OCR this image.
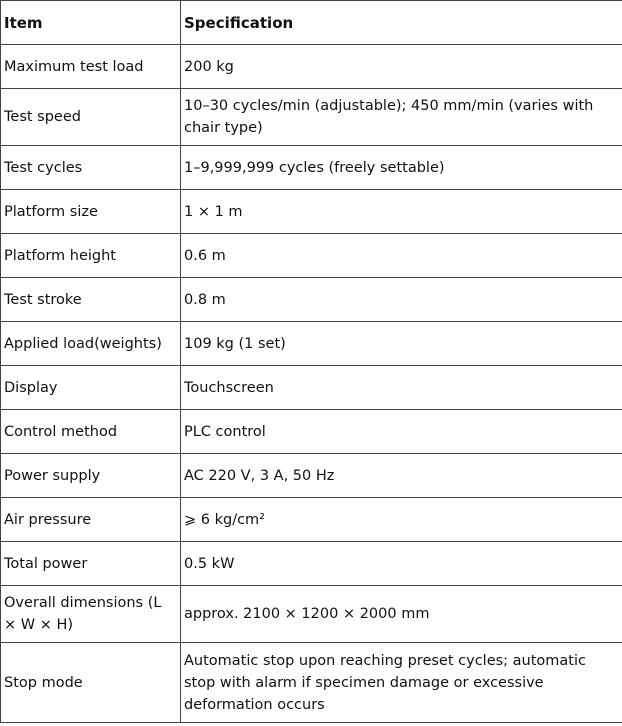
Item	Specification
Maximum test load	200 kg
Test speed	10–30 cycles/min (adjustable); 450 mm/min (varies with chair type)
Test cycles	1–9,999,999 cycles (freely settable)
Platform size	1 × 1 m
Platform height	0.6 m
Test stroke	0.8 m
Applied load(weights)	109 kg (1 set)
Display	Touchscreen
Control method	PLC control
Power supply	AC 220 V, 3 A, 50 Hz
Air pressure	⩾ 6 kg/cm²
Total power	0.5 kW
Overall dimensions (L × W × H)	approx. 2100 × 1200 × 2000 mm
Stop mode	Automatic stop upon reaching preset cycles; automatic stop with alarm if specimen damage or excessive deformation occurs
